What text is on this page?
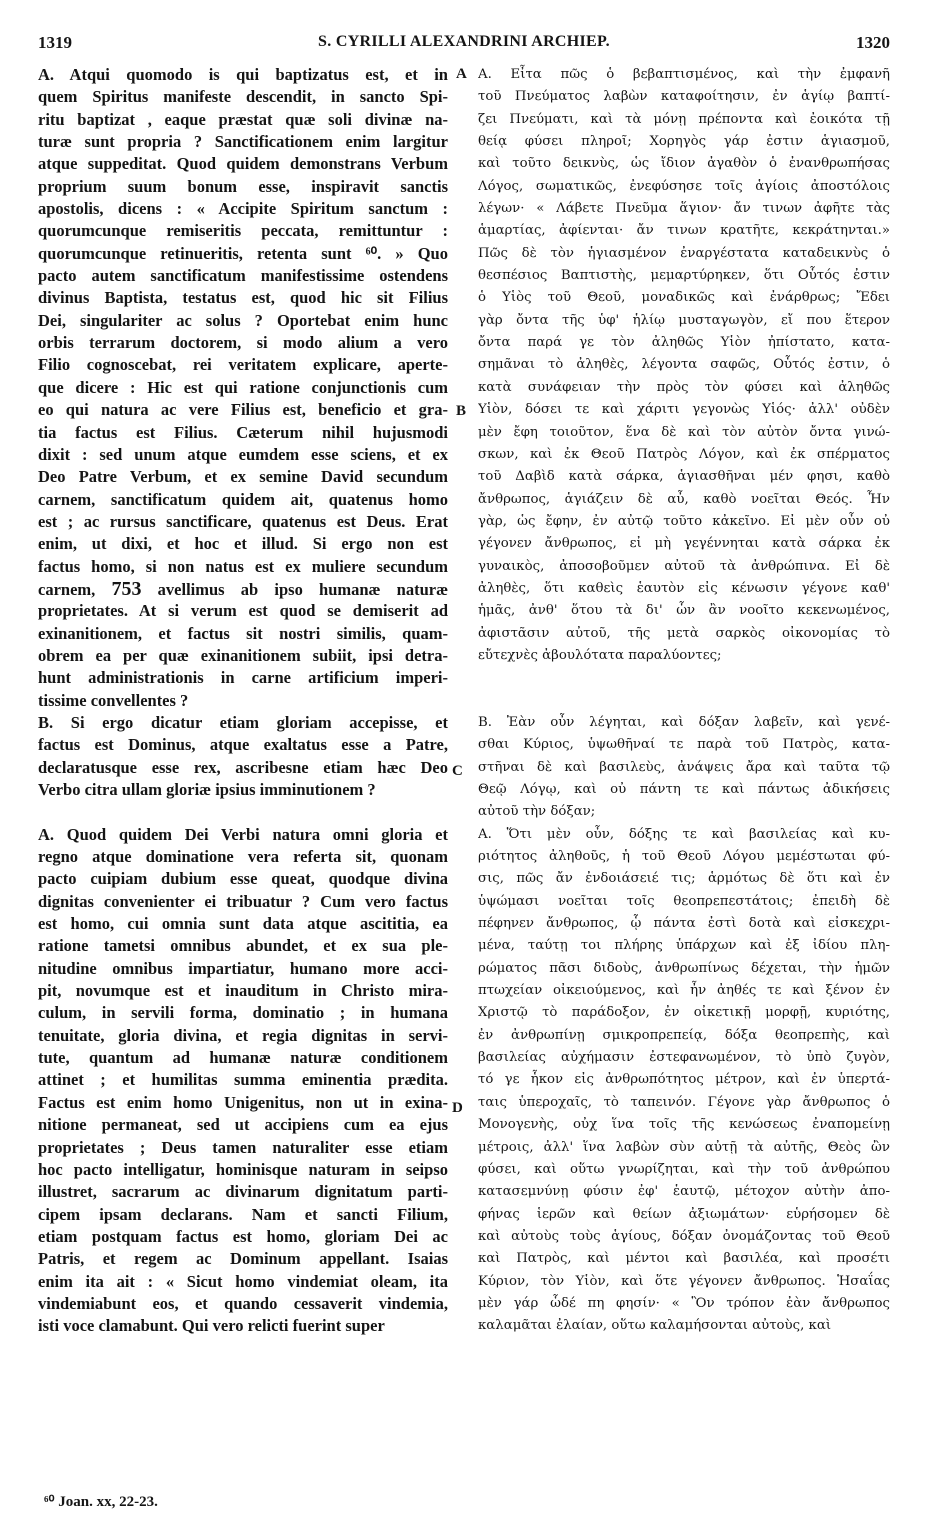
1319	S. CYRILLI ALEXANDRINI ARCHIEP.	1320
A. Atqui quomodo is qui baptizatus est, et in
quem Spiritus manifeste descendit, in sancto Spi-
ritu baptizat , eaque præstat quæ soli divinæ na-
turæ sunt propria ? Sanctificationem enim largitur
atque suppeditat. Quod quidem demonstrans Verbum
proprium suum bonum esse, inspiravit sanctis
apostolis, dicens : « Accipite Spiritum sanctum :
quorumcunque remiseritis peccata, remittuntur :
quorumcunque retinueritis, retenta sunt ⁶⁰. » Quo
pacto autem sanctificatum manifestissime ostendens
divinus Baptista, testatus est, quod hic sit Filius
Dei, singulariter ac solus ? Oportebat enim hunc
orbis terrarum doctorem, si modo alium a vero
Filio cognoscebat, rei veritatem explicare, aperte-
que dicere : Hic est qui ratione conjunctionis cum
eo qui natura ac vere Filius est, beneficio et gra-
tia factus est Filius. Cæterum nihil hujusmodi
dixit : sed unum atque eumdem esse sciens, et ex
Deo Patre Verbum, et ex semine David secundum
carnem, sanctificatum quidem ait, quatenus homo
est ; ac rursus sanctificare, quatenus est Deus. Erat
enim, ut dixi, et hoc et illud. Si ergo non est
factus homo, si non natus est ex muliere secundum
carnem, 753 avellimus ab ipso humanæ naturæ
proprietates. At si verum est quod se demiserit ad
exinanitionem, et factus sit nostri similis, quam-
obrem ea per quæ exinanitionem subiit, ipsi detra-
hunt administrationis in carne artificium imperi-
tissime convellentes ?
B. Si ergo dicatur etiam gloriam accepisse, et
factus est Dominus, atque exaltatus esse a Patre,
declaratusque esse rex, ascribesne etiam hæc Deo
Verbo citra ullam gloriæ ipsius imminutionem ?
A. Quod quidem Dei Verbi natura omni gloria et
regno atque dominatione vera referta sit, quonam
pacto cuipiam dubium esse queat, quodque divina
dignitas convenienter ei tribuatur ? Cum vero factus
est homo, cui omnia sunt data atque ascititia, ea
ratione tametsi omnibus abundet, et ex sua ple-
nitudine omnibus impartiatur, humano more acci-
pit, novumque est et inauditum in Christo mira-
culum, in servili forma, dominatio ; in humana
tenuitate, gloria divina, et regia dignitas in servi-
tute, quantum ad humanæ naturæ conditionem
attinet ; et humilitas summa eminentia prædita.
Factus est enim homo Unigenitus, non ut in exina-
nitione permaneat, sed ut accipiens cum ea ejus
proprietates ; Deus tamen naturaliter esse etiam
hoc pacto intelligatur, hominisque naturam in seipso
illustret, sacrarum ac divinarum dignitatum parti-
cipem ipsam declarans. Nam et sancti Filium,
etiam postquam factus est homo, gloriam Dei ac
Patris, et regem ac Dominum appellant. Isaias
enim ita ait : « Sicut homo vindemiat oleam, ita
vindemiabunt eos, et quando cessaverit vindemia,
isti voce clamabunt. Qui vero relicti fuerint super
Α. Εἶτα πῶς ὁ βεβαπτισμένος, καὶ τὴν ἐμφανῆ
τοῦ Πνεύματος λαβὼν καταφοίτησιν, ἐν ἁγίῳ βαπτί-
ζει Πνεύματι, καὶ τὰ μόνῃ πρέποντα καὶ ἐοικότα τῇ
θείᾳ φύσει πληροῖ; Χορηγὸς γάρ ἐστιν ἁγιασμοῦ,
καὶ τοῦτο δεικνὺς, ὡς ἴδιον ἀγαθὸν ὁ ἐνανθρωπήσας
Λόγος, σωματικῶς, ἐνεφύσησε τοῖς ἁγίοις ἀποστόλοις
λέγων· « Λάβετε Πνεῦμα ἅγιον· ἄν τινων ἀφῆτε τὰς
ἁμαρτίας, ἀφίενται· ἄν τινων κρατῆτε, κεκράτηνται.»
Πῶς δὲ τὸν ἡγιασμένον ἐναργέστατα καταδεικνὺς ὁ
θεσπέσιος Βαπτιστὴς, μεμαρτύρηκεν, ὅτι Οὗτός ἐστιν
ὁ Υἱὸς τοῦ Θεοῦ, μοναδικῶς καὶ ἐνάρθρως; Ἔδει
γὰρ ὄντα τῆς ὑφ' ἡλίῳ μυσταγωγὸν, εἴ που ἕτερον
ὄντα παρά γε τὸν ἀληθῶς Υἱὸν ἠπίστατο, κατα-
σημᾶναι τὸ ἀληθὲς, λέγοντα σαφῶς, Οὗτός ἐστιν, ὁ
κατὰ συνάφειαν τὴν πρὸς τὸν φύσει καὶ ἀληθῶς
Υἱὸν, δόσει τε καὶ χάριτι γεγονὼς Υἱός· ἀλλ' οὐδὲν
μὲν ἔφη τοιοῦτον, ἕνα δὲ καὶ τὸν αὐτὸν ὄντα γινώ-
σκων, καὶ ἐκ Θεοῦ Πατρὸς Λόγον, καὶ ἐκ σπέρματος
τοῦ Δαβὶδ κατὰ σάρκα, ἁγιασθῆναι μέν φησι, καθὸ
ἄνθρωπος, ἁγιάζειν δὲ αὖ, καθὸ νοεῖται Θεός. Ἦν
γὰρ, ὡς ἔφην, ἐν αὐτῷ τοῦτο κἀκεῖνο. Εἰ μὲν οὖν οὐ
γέγονεν ἄνθρωπος, εἰ μὴ γεγέννηται κατὰ σάρκα ἐκ
γυναικὸς, ἀποσοβοῦμεν αὐτοῦ τὰ ἀνθρώπινα. Εἰ δὲ
ἀληθὲς, ὅτι καθεὶς ἑαυτὸν εἰς κένωσιν γέγονε καθ'
ἡμᾶς, ἀνθ' ὅτου τὰ δι' ὧν ἂν νοοῖτο κεκενωμένος,
ἀφιστᾶσιν αὐτοῦ, τῆς μετὰ σαρκὸς οἰκονομίας τὸ
εὔτεχνὲς ἀβουλότατα παραλύοντες;
Β. Ἐὰν οὖν λέγηται, καὶ δόξαν λαβεῖν, καὶ γενέ-
σθαι Κύριος, ὑψωθῆναί τε παρὰ τοῦ Πατρὸς, κατα-
στῆναι δὲ καὶ βασιλεὺς, ἀνάψεις ἄρα καὶ ταῦτα τῷ
Θεῷ Λόγῳ, καὶ οὐ πάντη τε καὶ πάντως ἀδικήσεις
αὐτοῦ τὴν δόξαν;
Α. Ὅτι μὲν οὖν, δόξης τε καὶ βασιλείας καὶ κυ-
ριότητος ἀληθοῦς, ἡ τοῦ Θεοῦ Λόγου μεμέστωται φύ-
σις, πῶς ἄν ἐνδοιάσειέ τις; ἁρμότως δὲ ὅτι καὶ ἐν
ὑψώμασι νοεῖται τοῖς θεοπρεπεστάτοις; ἐπειδὴ δὲ
πέφηνεν ἄνθρωπος, ᾧ πάντα ἐστὶ δοτὰ καὶ εἰσκεχρι-
μένα, ταύτῃ τοι πλήρης ὑπάρχων καὶ ἐξ ἰδίου πλη-
ρώματος πᾶσι διδοὺς, ἀνθρωπίνως δέχεται, τὴν ἡμῶν
πτωχείαν οἰκειούμενος, καὶ ἦν ἀηθές τε καὶ ξένον ἐν
Χριστῷ τὸ παράδοξον, ἐν οἰκετικῇ μορφῇ, κυριότης,
ἐν ἀνθρωπίνῃ σμικροπρεπείᾳ, δόξα θεοπρεπὴς, καὶ
βασιλείας αὐχήμασιν ἐστεφανωμένον, τὸ ὑπὸ ζυγὸν,
τό γε ἧκον εἰς ἀνθρωπότητος μέτρον, καὶ ἐν ὑπερτά-
ταις ὑπεροχαῖς, τὸ ταπεινόν. Γέγονε γὰρ ἄνθρωπος ὁ
Μονογενὴς, οὐχ ἵνα τοῖς τῆς κενώσεως ἐναπομείνῃ
μέτροις, ἀλλ' ἵνα λαβὼν σὺν αὐτῇ τὰ αὐτῆς, Θεὸς ὢν
φύσει, καὶ οὕτω γνωρίζηται, καὶ τὴν τοῦ ἀνθρώπου
κατασεμνύνῃ φύσιν ἐφ' ἑαυτῷ, μέτοχον αὐτὴν ἀπο-
φήνας ἱερῶν καὶ θείων ἀξιωμάτων· εὑρήσομεν δὲ
καὶ αὐτοὺς τοὺς ἁγίους, δόξαν ὀνομάζοντας τοῦ Θεοῦ
καὶ Πατρὸς, καὶ μέντοι καὶ βασιλέα, καὶ προσέτι
Κύριον, τὸν Υἱὸν, καὶ ὅτε γέγονεν ἄνθρωπος. Ἡσαΐας
μὲν γάρ ὧδέ πη φησίν· « Ὃν τρόπον ἐὰν ἄνθρωπος
καλαμᾶται ἐλαίαν, οὕτω καλαμήσονται αὐτοὺς, καὶ
A
B
C
D
⁶⁰ Joan. xx, 22-23.
